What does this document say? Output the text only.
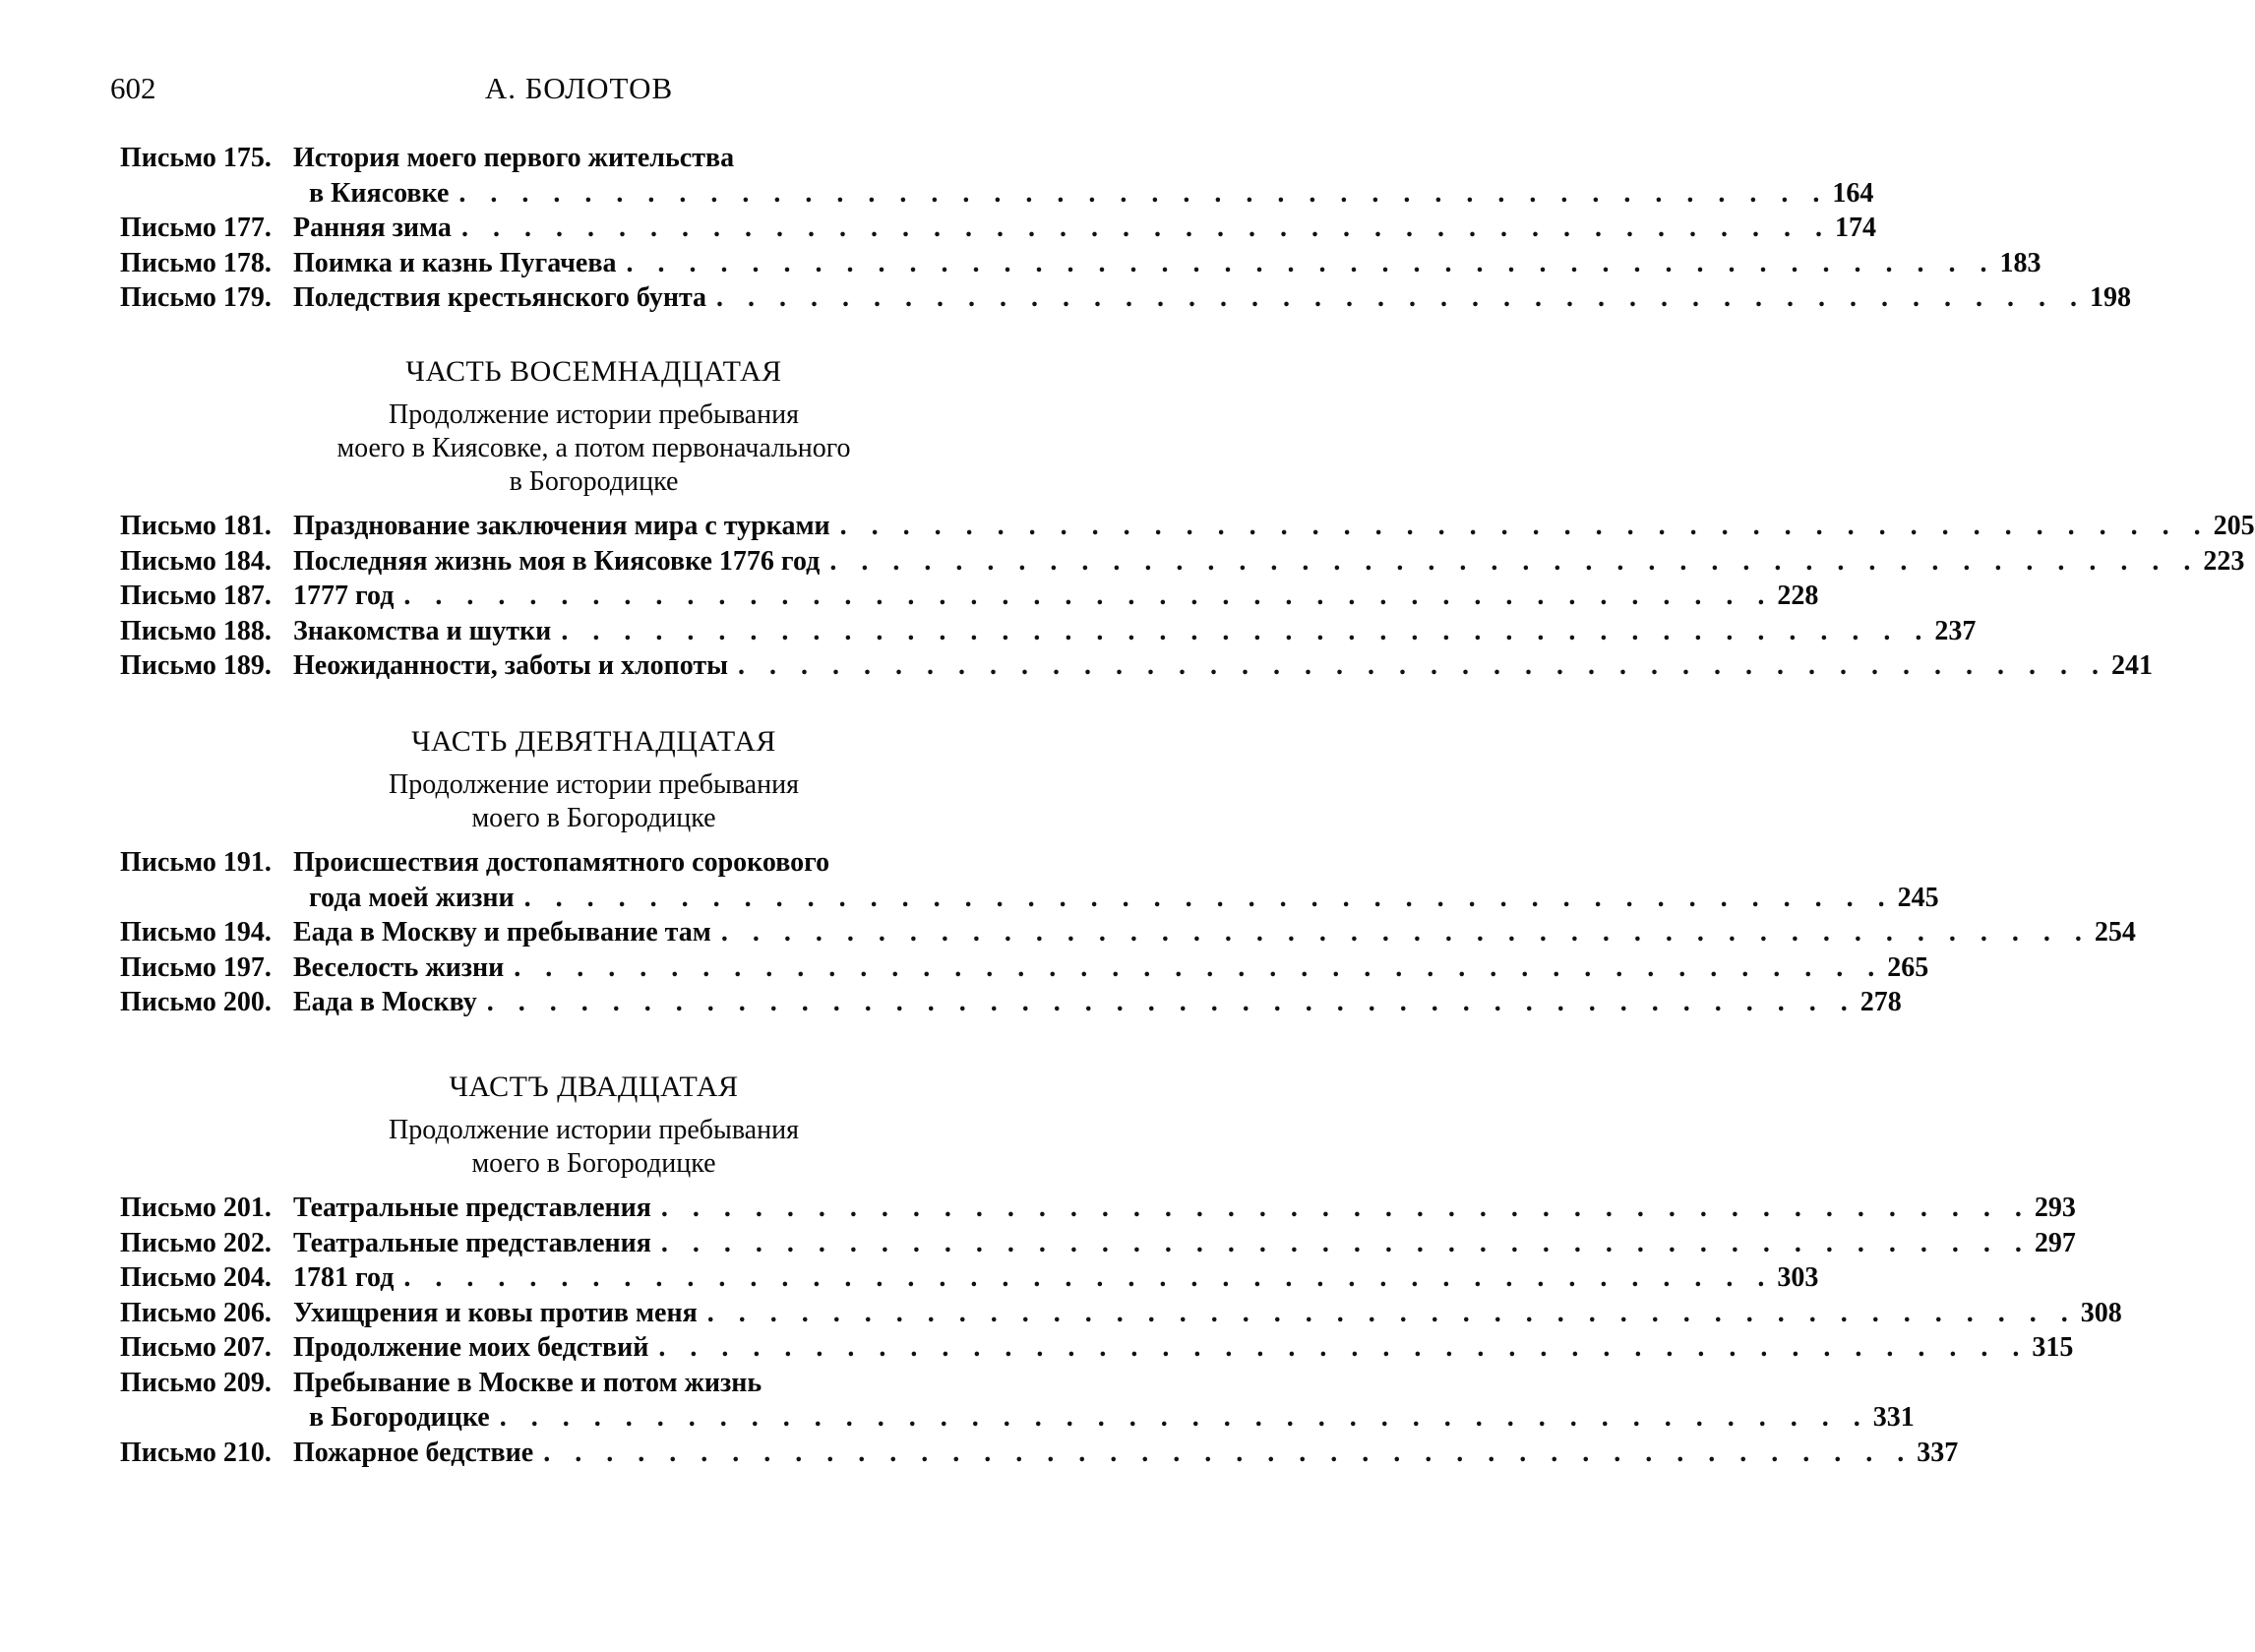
602	А. БОЛОТОВ
Письмо 175. История моего первого жительства
в Киясовке . . . . . . . . . . . . . . . . . . . . . . . . . . . . . . . . . . . . . . . . . . . . 164
Письмо 177. Ранняя зима . . . . . . . . . . . . . . . . . . . . . . . . . . . . . . . . . . . . . . . . . . . . 174
Письмо 178. Поимка и казнь Пугачева . . . . . . . . . . . . . . . . . . . . . . . . . . . . . . . . . . . . . . . . . . . . 183
Письмо 179. Поледствия крестьянского бунта . . . . . . . . . . . . . . . . . . . . . . . . . . . . . . . . . . . . . . . . . . . . 198
ЧАСТЬ ВОСЕМНАДЦАТАЯ
Продолжение истории пребывания
моего в Киясовке, а потом первоначального
в Богородицке
Письмо 181. Празднование заключения мира с турками . . . . . . . . . . . . . . . . . . . . . . . . . . . . . . . . . . . . . . . . . . . . 205
Письмо 184. Последняя жизнь моя в Киясовке 1776 год . . . . . . . . . . . . . . . . . . . . . . . . . . . . . . . . . . . . . . . . . . . . 223
Письмо 187. 1777 год . . . . . . . . . . . . . . . . . . . . . . . . . . . . . . . . . . . . . . . . . . . . 228
Письмо 188. Знакомства и шутки . . . . . . . . . . . . . . . . . . . . . . . . . . . . . . . . . . . . . . . . . . . . 237
Письмо 189. Неожиданности, заботы и хлопоты . . . . . . . . . . . . . . . . . . . . . . . . . . . . . . . . . . . . . . . . . . . . 241
ЧАСТЬ ДЕВЯТНАДЦАТАЯ
Продолжение истории пребывания
моего в Богородицке
Письмо 191. Происшествия достопамятного сорокового
года моей жизни . . . . . . . . . . . . . . . . . . . . . . . . . . . . . . . . . . . . . . . . . . . . 245
Письмо 194. Еада в Москву и пребывание там . . . . . . . . . . . . . . . . . . . . . . . . . . . . . . . . . . . . . . . . . . . . 254
Письмо 197. Веселость жизни . . . . . . . . . . . . . . . . . . . . . . . . . . . . . . . . . . . . . . . . . . . . 265
Письмо 200. Еада в Москву . . . . . . . . . . . . . . . . . . . . . . . . . . . . . . . . . . . . . . . . . . . . 278
ЧАСТЪ ДВАДЦАТАЯ
Продолжение истории пребывания
моего в Богородицке
Письмо 201. Театральные представления . . . . . . . . . . . . . . . . . . . . . . . . . . . . . . . . . . . . . . . . . . . . 293
Письмо 202. Театральные представления . . . . . . . . . . . . . . . . . . . . . . . . . . . . . . . . . . . . . . . . . . . . 297
Письмо 204. 1781 год . . . . . . . . . . . . . . . . . . . . . . . . . . . . . . . . . . . . . . . . . . . . 303
Письмо 206. Ухищрения и ковы против меня . . . . . . . . . . . . . . . . . . . . . . . . . . . . . . . . . . . . . . . . . . . . 308
Письмо 207. Продолжение моих бедствий . . . . . . . . . . . . . . . . . . . . . . . . . . . . . . . . . . . . . . . . . . . . 315
Письмо 209. Пребывание в Москве и потом жизнь
в Богородицке . . . . . . . . . . . . . . . . . . . . . . . . . . . . . . . . . . . . . . . . . . . . 331
Письмо 210. Пожарное бедствие . . . . . . . . . . . . . . . . . . . . . . . . . . . . . . . . . . . . . . . . . . . . 337
